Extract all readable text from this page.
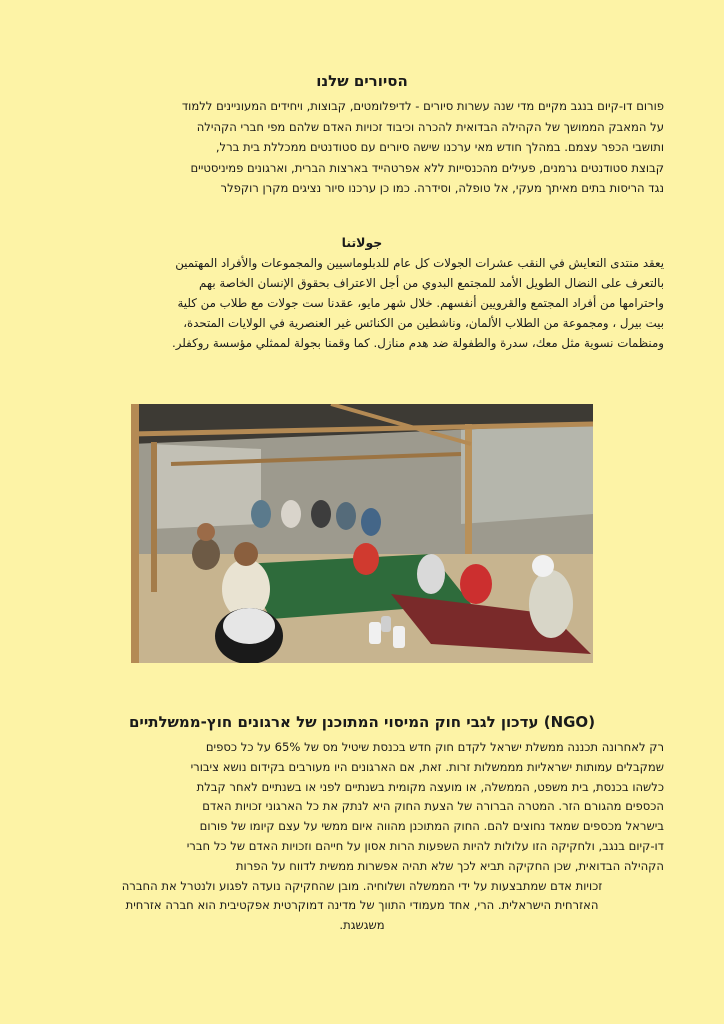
הסיורים שלנו
פורום דו-קיום בנגב מקיים מדי שנה עשרות סיורים - לדיפלומטים, קבוצות, ויחידים המעוניינים ללמוד
על המאבק הממושך של הקהילה הבדואית להכרה וכיבוד זכויות האדם שלהם מפי חברי הקהילה
ותושבי הכפר עצמם. במהלך חודש מאי ערכנו שישה סיורים עם סטודנטים ממכללת בית ברל,
קבוצת סטודנטים גרמנים, פעילים מהכנסייות ללא אפרטהייד בארצות הברית, וארגונים פמיניסטיים
נגד הריסות בתים מאיתך מעקי, אל טופלה, וסידרה. כמו כן ערכנו סיור נציגים מקרן רוקפלר
جولاتنا
يعقد منتدى التعايش في النقب عشرات الجولات كل عام للدبلوماسيين والمجموعات والأفراد المهتمين
بالتعرف على النضال الطويل الأمد للمجتمع البدوي من أجل الاعتراف بحقوق الإنسان الخاصة بهم
واحترامها من أفراد المجتمع والقرويين أنفسهم. خلال شهر مايو، عقدنا ست جولات مع طلاب من كلية
بيت بيرل ، ومجموعة من الطلاب الألمان، وناشطين من الكنائس غير العنصرية في الولايات المتحدة،
ومنظمات نسوية مثل معك، سدرة والطفولة ضد هدم منازل. كما وقمنا بجولة لممثلي مؤسسة روكفلر.
(NGO) עדכון לגבי חוק המיסוי המתוכנן של ארגונים חוץ-ממשלתיים
רק לאחרונה תכננה ממשלת ישראל לקדם חוק חדש בכנסת שיטיל מס של 65% על כל כספים
שמקבלים עמותות ישראליות מממשלות זרות. זאת, אם הארגונים היו מעורבים בקידום נושא ציבורי
כלשהו בכנסת, בית משפט, הממשלה, או מועצה מקומית בשנתיים לפני או בשנתיים לאחר קבלת
הכספים מהגורם הזר. המטרה הברורה של הצעת החוק היא לנתק את כל הארגוני זכויות האדם
בישראל מכספים שמאד נחוצים להם. החוק המתוכנן מהווה איום ממשי על עצם קיומו של פורום
דו-קיום בנגב, ולחקיקה הזו עלולות להיות השפעות הרות אסון על חייהם וזכויות האדם של כל חברי
הקהילה הבדואית, שכן החקיקה תביא לכך שלא תהיה אפשרות ממשית לדווח על הפרות
זכויות אדם שמתבצעות על ידי הממשלה ושלוחיה. מובן שהחקיקה נועדה לפגוע ולנטרל את החברה
האזרחית הישראלית. הרי, אחד מעמודי התווך של מדינה דמוקרטית אפקטיבית הוא חברה אזרחית
משגשגת.
